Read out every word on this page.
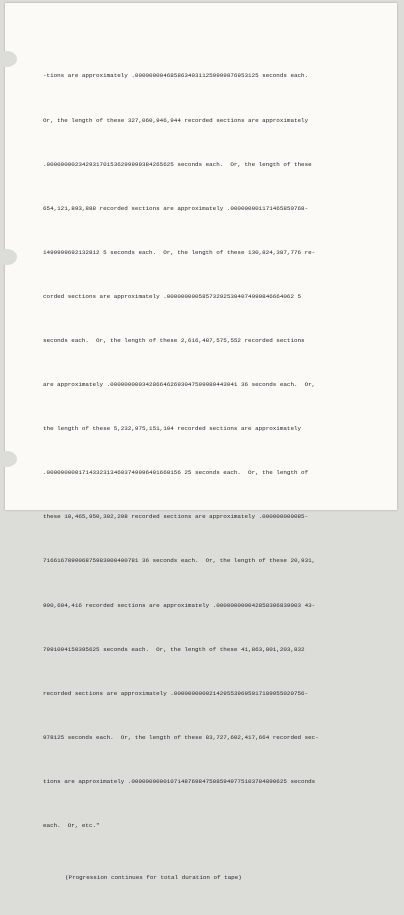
-tions are approximately .00000000468586340311259999876953125 seconds each.

Or, the length of these 327,060,946,944 recorded sections are approximately

.000000002342931701536299999384265625 seconds each.  Or, the length of these

654,121,893,888 recorded sections are approximately .000000001171465850768-

1499999692132812 5 seconds each.  Or, the length of these 130,824,387,776 re-

corded sections are approximately .000000000585732925384074999846664062 5

seconds each.  Or, the length of these 2,616,487,575,552 recorded sections

are approximately .000000000342866462693047599980443041 36 seconds each.  Or,

the length of these 5,232,975,151,104 recorded sections are approximately

.00000000017143323134603749996401660156 25 seconds each.  Or, the length of

these 10,465,950,302,208 recorded sections are approximately .000000000085-

716616789006875983008400781 36 seconds each.  Or, the length of these 20,931,

900,604,416 recorded sections are approximately .000000000042858306839003 43-

7991004150395625 seconds each.  Or, the length of these 41,863,801,203,832

recorded sections are approximately .0000000000214295539695017189955020756-

978125 seconds each.  Or, the length of these 83,727,602,417,664 recorded sec-

tions are approximately .00000000001071487698475085949775103784890625 seconds

each.  Or, etc."

(Progression continues for total duration of tape)
